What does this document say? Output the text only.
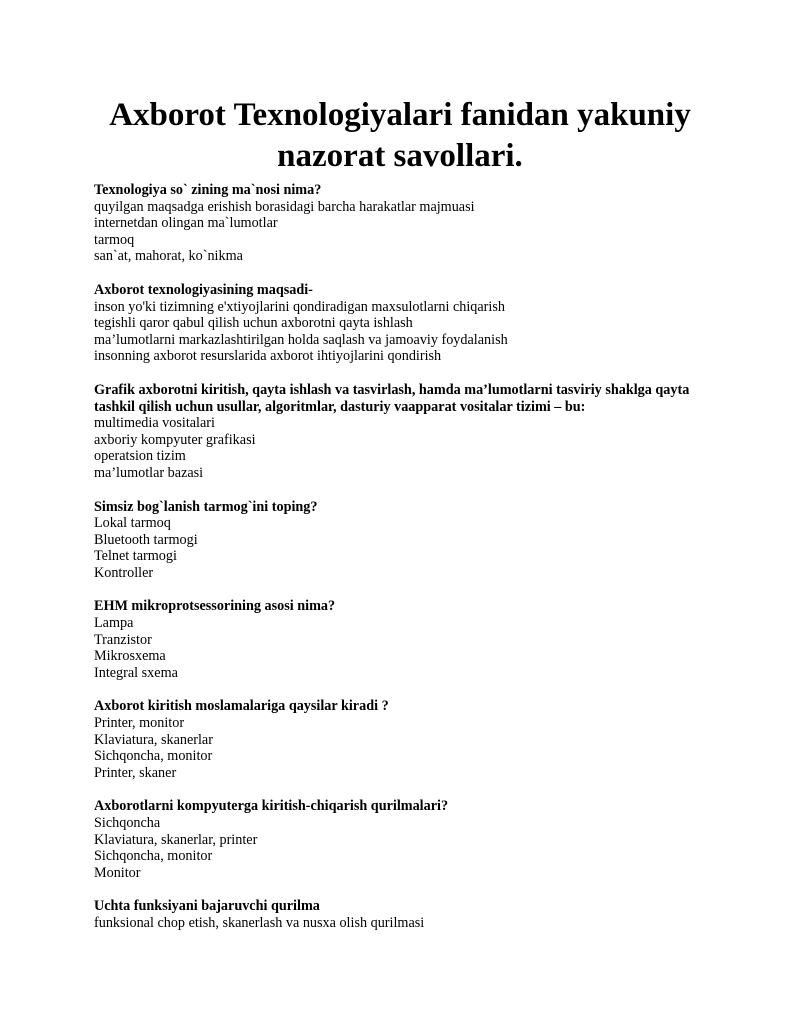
Axborot Texnologiyalari fanidan yakuniy nazorat savollari.

Texnologiya so` zining ma`nosi nima?

quyilgan maqsadga erishish borasidagi barcha harakatlar majmuasi

internetdan olingan ma`lumotlar

tarmoq

san`at, mahorat, ko`nikma

Axborot texnologiyasining maqsadi-

inson yo'ki tizimning e'xtiyojlarini qondiradigan maxsulotlarni chiqarish

tegishli qaror qabul qilish uchun axborotni qayta ishlash

ma’lumotlarni markazlashtirilgan holda saqlash va jamoaviy foydalanish

insonning axborot resurslarida axborot ihtiyojlarini qondirish

Grafik axborotni kiritish, qayta ishlash va tasvirlash, hamda ma’lumotlarni tasviriy shaklga qayta tashkil qilish uchun usullar, algoritmlar, dasturiy vaapparat vositalar tizimi – bu:

multimedia vositalari

axboriy kompyuter grafikasi

operatsion tizim

ma’lumotlar bazasi

Simsiz bog`lanish tarmog`ini toping?

Lokal tarmoq

Bluetooth tarmogi

Telnet tarmogi

Kontroller

EHM mikroprotsessorining asosi nima?

Lampa

Tranzistor

Mikrosxema

Integral sxema

Axborot kiritish moslamalariga qaysilar kiradi ?

Printer, monitor

Klaviatura, skanerlar

Sichqoncha, monitor

Printer, skaner

Axborotlarni kompyuterga kiritish-chiqarish qurilmalari?

Sichqoncha

Klaviatura, skanerlar, printer

Sichqoncha, monitor

Monitor

Uchta funksiyani bajaruvchi qurilma

funksional chop etish, skanerlash va nusxa olish qurilmasi
